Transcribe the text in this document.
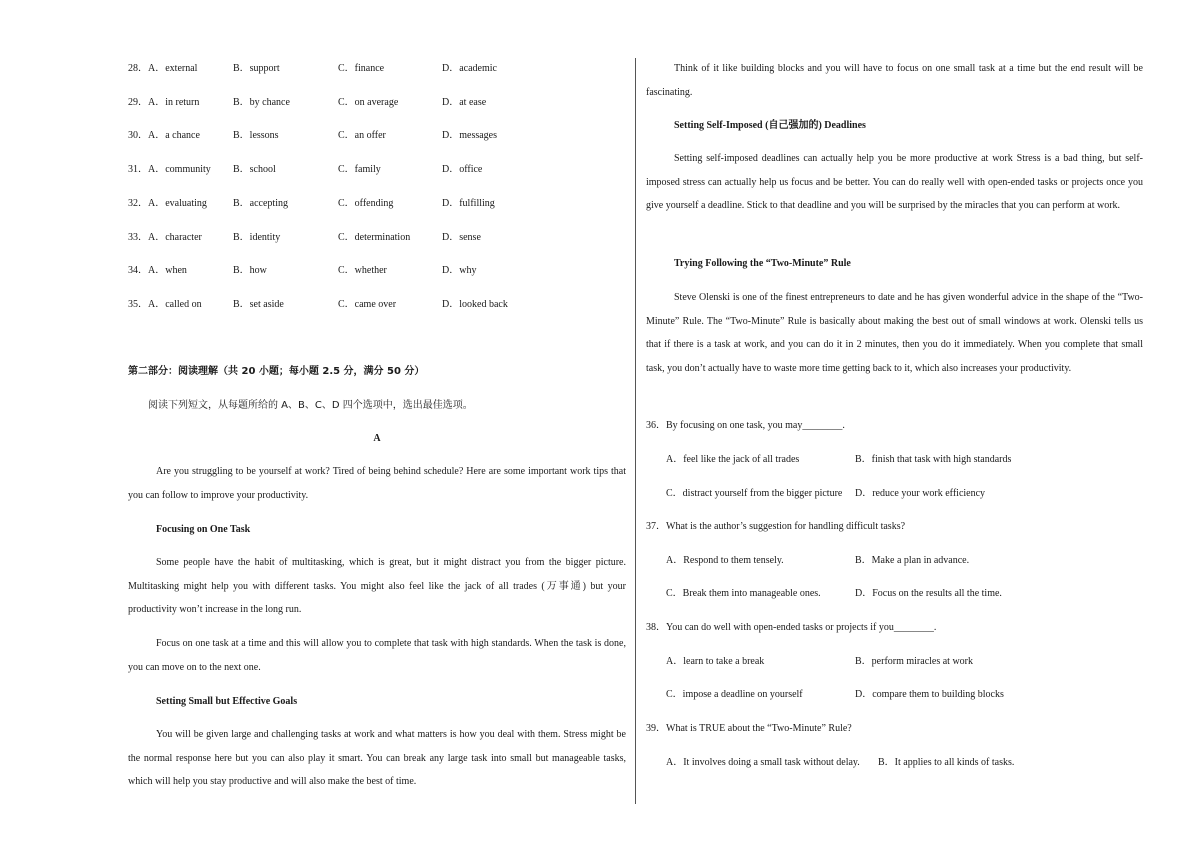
28． A．external	B．support	C．finance	D．academic
29． A．in return	B．by chance	C．on average	D．at ease
30． A．a chance	B．lessons	C．an offer	D．messages
31． A．community B．school	C．family	D．office
32． A．evaluating	B．accepting	C．offending	D．fulfilling
33． A．character	B．identity	C．determination	D．sense
34． A．when	B．how	C．whether	D．why
35． A．called on	B．set aside	C．came over	D．looked back
第二部分：阅读理解（共 20 小题；每小题 2.5 分，满分 50 分）
阅读下列短文，从每题所给的 A、B、C、D 四个选项中，选出最佳选项。
A

Are you struggling to be yourself at work? Tired of being behind schedule? Here are some important work tips that you can follow to improve your productivity.

Focusing on One Task

Some people have the habit of multitasking, which is great, but it might distract you from the bigger picture. Multitasking might help you with different tasks. You might also feel like the jack of all trades (万事通) but your productivity won’t increase in the long run.

Focus on one task at a time and this will allow you to complete that task with high standards. When the task is done, you can move on to the next one.

Setting Small but Effective Goals

You will be given large and challenging tasks at work and what matters is how you deal with them. Stress might be the normal response here but you can also play it smart. You can break any large task into small but manageable tasks, which will help you stay productive and will also make the best of time.

Think of it like building blocks and you will have to focus on one small task at a time but the end result will be fascinating.

Setting Self-Imposed (自己强加的) Deadlines

Setting self-imposed deadlines can actually help you be more productive at work Stress is a bad thing, but self-imposed stress can actually help us focus and be better. You can do really well with open-ended tasks or projects once you give yourself a deadline. Stick to that deadline and you will be surprised by the miracles that you can perform at work.

Trying Following the “Two-Minute” Rule

Steve Olenski is one of the finest entrepreneurs to date and he has given wonderful advice in the shape of the “Two-Minute” Rule. The “Two-Minute” Rule is basically about making the best out of small windows at work. Olenski tells us that if there is a task at work, and you can do it in 2 minutes, then you do it immediately. When you complete that small task, you don’t actually have to waste more time getting back to it, which also increases your productivity.

36．By focusing on one task, you may________.
A．feel like the jack of all trades	B．finish that task with high standards
C．distract yourself from the bigger picture D．reduce your work efficiency
37．What is the author’s suggestion for handling difficult tasks?
A．Respond to them tensely.	B．Make a plan in advance.
C．Break them into manageable ones.	D．Focus on the results all the time.
38．You can do well with open-ended tasks or projects if you________.
A．learn to take a break	B．perform miracles at work
C．impose a deadline on yourself	D．compare them to building blocks
39．What is TRUE about the “Two-Minute” Rule?
A．It involves doing a small task without delay. B．It applies to all kinds of tasks.
